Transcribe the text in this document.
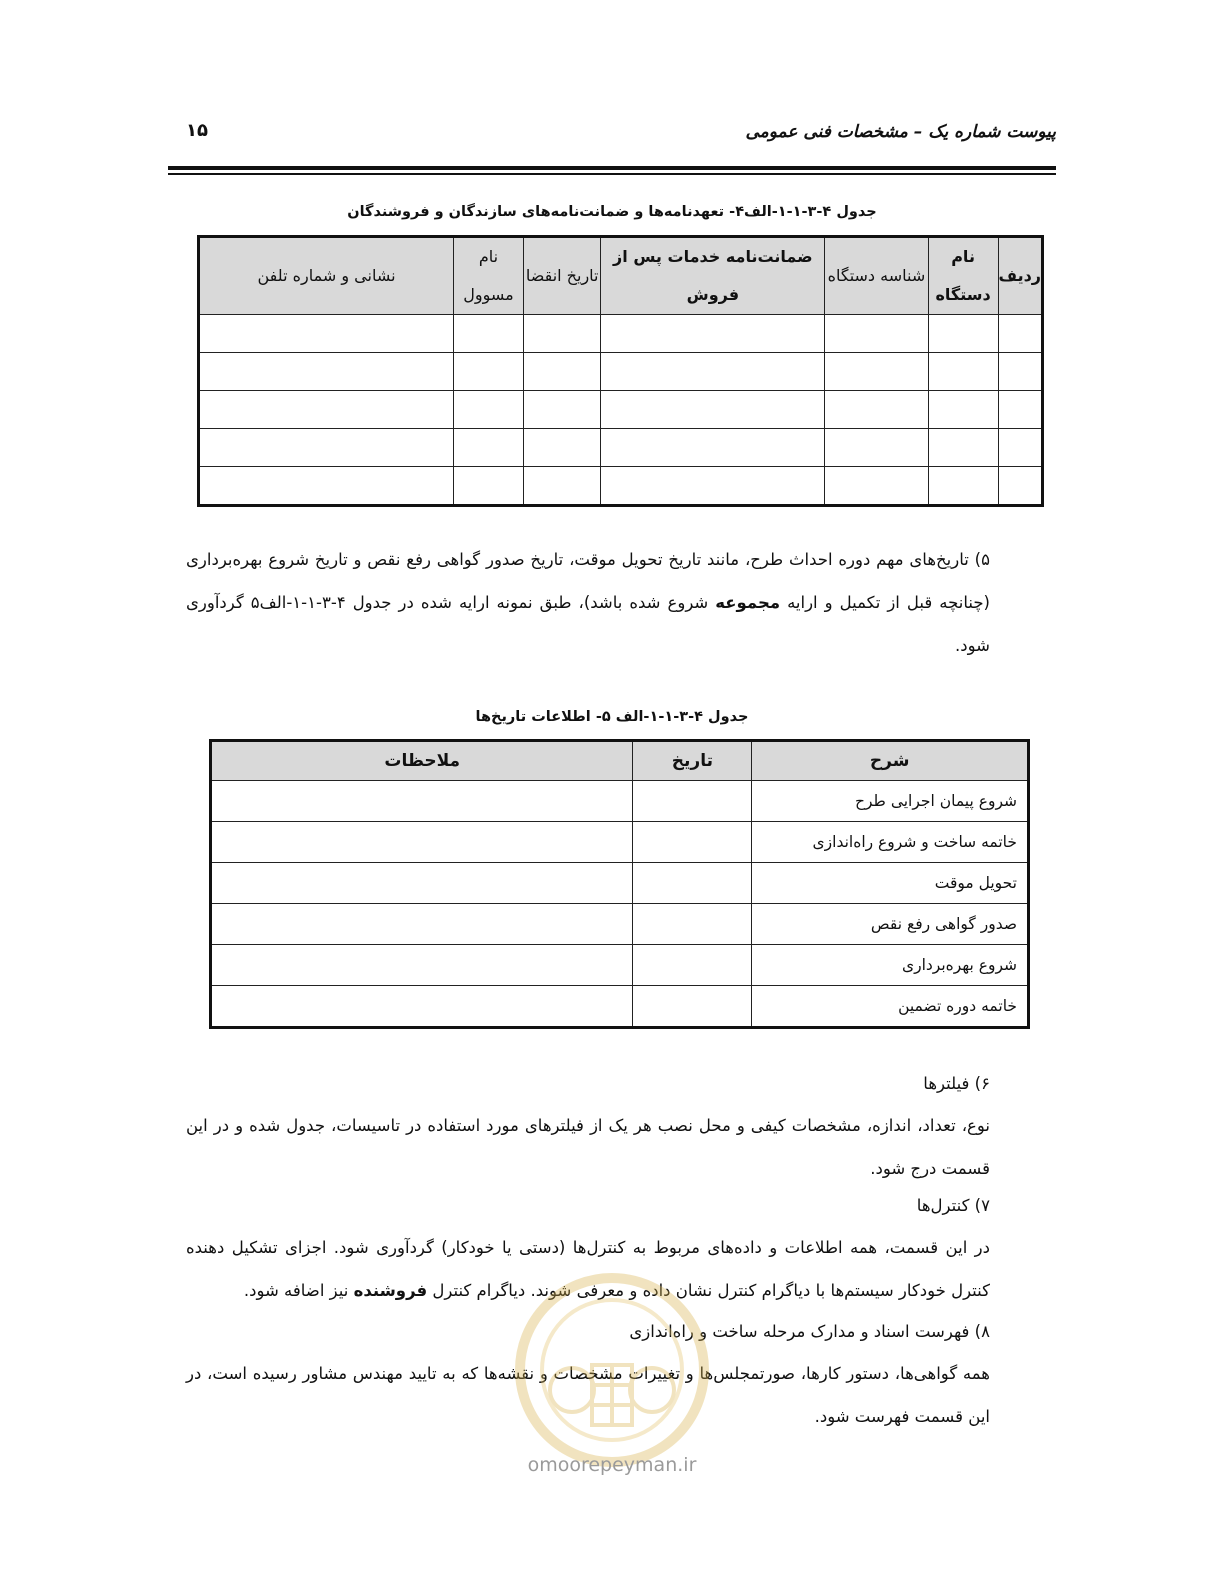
پیوست شماره یک – مشخصات فنی عمومی
۱۵
جدول ۴-۳-۱-۱-الف۴- تعهدنامه‌ها و ضمانت‌نامه‌های سازندگان و فروشندگان
ردیف	نام دستگاه	شناسه دستگاه	ضمانت‌نامه خدمات پس از فروش	تاریخ انقضا	نام مسوول	نشانی و شماره تلفن

۵) تاریخ‌های مهم دوره احداث طرح، مانند تاریخ تحویل موقت، تاریخ صدور گواهی رفع نقص و تاریخ شروع بهره‌برداری (چنانچه قبل از تکمیل و ارایه مجموعه شروع شده باشد)، طبق نمونه ارایه شده در جدول ۴-۳-۱-۱-الف۵ گردآوری شود.
جدول ۴-۳-۱-۱-الف ۵- اطلاعات تاریخ‌ها
شرح	تاریخ	ملاحظات
شروع پیمان اجرایی طرح		
خاتمه ساخت و شروع راه‌اندازی		
تحویل موقت		
صدور گواهی رفع نقص		
شروع بهره‌برداری		
خاتمه دوره تضمین		
۶) فیلترها
نوع، تعداد، اندازه، مشخصات کیفی و محل نصب هر یک از فیلترهای مورد استفاده در تاسیسات، جدول شده و در این قسمت درج شود.
۷) کنترل‌ها
در این قسمت، همه اطلاعات و داده‌های مربوط به کنترل‌ها (دستی یا خودکار) گردآوری شود. اجزای تشکیل دهنده کنترل خودکار سیستم‌ها با دیاگرام کنترل نشان داده و معرفی شوند. دیاگرام کنترل فروشنده نیز اضافه شود.
۸) فهرست اسناد و مدارک مرحله ساخت و راه‌اندازی
همه گواهی‌ها، دستور کارها، صورتمجلس‌ها و تغییرات مشخصات و نقشه‌ها که به تایید مهندس مشاور رسیده است، در این قسمت فهرست شود.
omoorepeyman.ir
